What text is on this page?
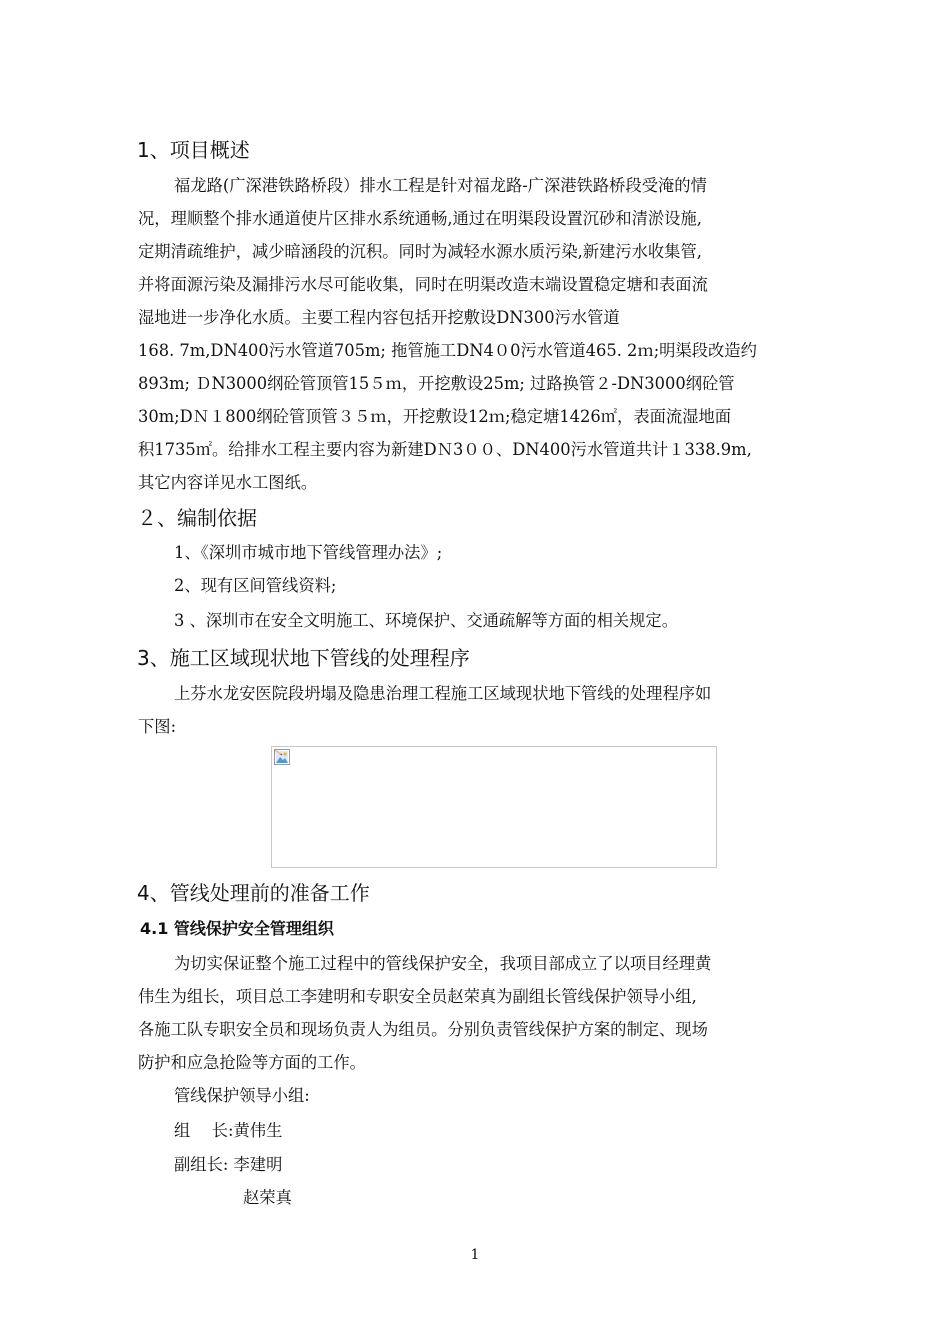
1、项目概述
福龙路(广深港铁路桥段）排水工程是针对福龙路-广深港铁路桥段受淹的情
况，理顺整个排水通道使片区排水系统通畅,通过在明渠段设置沉砂和清淤设施,
定期清疏维护，减少暗涵段的沉积。同时为减轻水源水质污染,新建污水收集管,
并将面源污染及漏排污水尽可能收集，同时在明渠改造末端设置稳定塘和表面流
湿地进一步净化水质。主要工程内容包括开挖敷设DN300污水管道
168. 7m,DN400污水管道705m; 拖管施工DN4０0污水管道465. 2ｍ;明渠段改造约
893m; ＤN3000纲砼管顶管15５ｍ，开挖敷设25m; 过路换管２-DN3000纲砼管
30m;DＮ１800纲砼管顶管３５ｍ，开挖敷设12ｍ;稳定塘1426㎡，表面流湿地面
积1735㎡。给排水工程主要内容为新建DＮ3００、DN400污水管道共计１338.9m,
其它内容详见水工图纸。
２、编制依据
1、《深圳市城市地下管线管理办法》;
2、现有区间管线资料;
3 、深圳市在安全文明施工、环境保护、交通疏解等方面的相关规定。
3、施工区域现状地下管线的处理程序
上芬水龙安医院段坍塌及隐患治理工程施工区域现状地下管线的处理程序如
下图:
4、管线处理前的准备工作
4.1 管线保护安全管理组织
为切实保证整个施工过程中的管线保护安全，我项目部成立了以项目经理黄
伟生为组长，项目总工李建明和专职安全员赵荣真为副组长管线保护领导小组,
各施工队专职安全员和现场负责人为组员。分别负责管线保护方案的制定、现场
防护和应急抢险等方面的工作。
管线保护领导小组:
组　 长:黄伟生
副组长: 李建明
赵荣真
1
